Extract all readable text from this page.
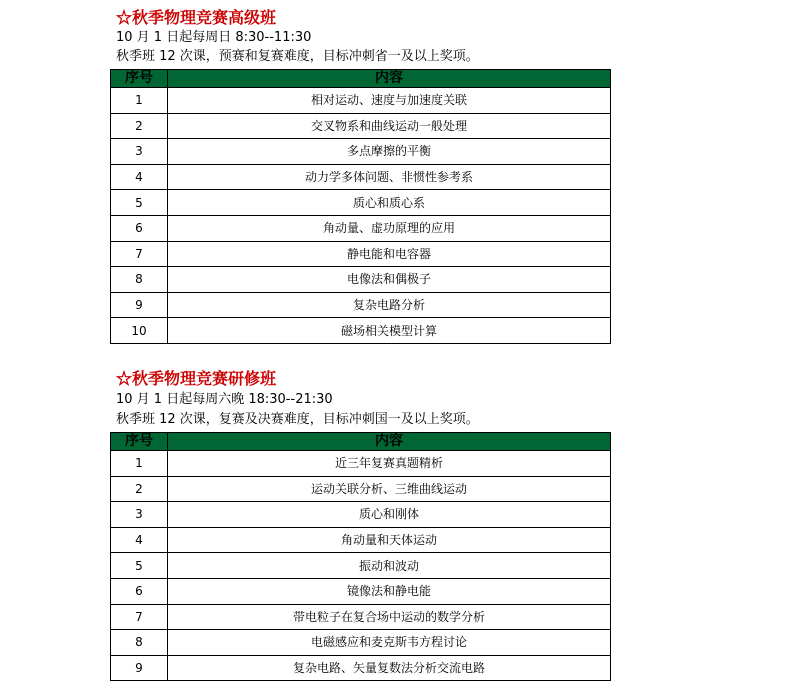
☆秋季物理竞赛高级班
10 月 1 日起每周日 8:30--11:30
秋季班 12 次课，预赛和复赛难度，目标冲刺省一及以上奖项。
序号	内容
1	相对运动、速度与加速度关联
2	交叉物系和曲线运动一般处理
3	多点摩擦的平衡
4	动力学多体问题、非惯性参考系
5	质心和质心系
6	角动量、虚功原理的应用
7	静电能和电容器
8	电像法和偶极子
9	复杂电路分析
10	磁场相关模型计算
☆秋季物理竞赛研修班
10 月 1 日起每周六晚 18:30--21:30
秋季班 12 次课，复赛及决赛难度，目标冲刺国一及以上奖项。
序号	内容
1	近三年复赛真题精析
2	运动关联分析、三维曲线运动
3	质心和刚体
4	角动量和天体运动
5	振动和波动
6	镜像法和静电能
7	带电粒子在复合场中运动的数学分析
8	电磁感应和麦克斯韦方程讨论
9	复杂电路、矢量复数法分析交流电路
